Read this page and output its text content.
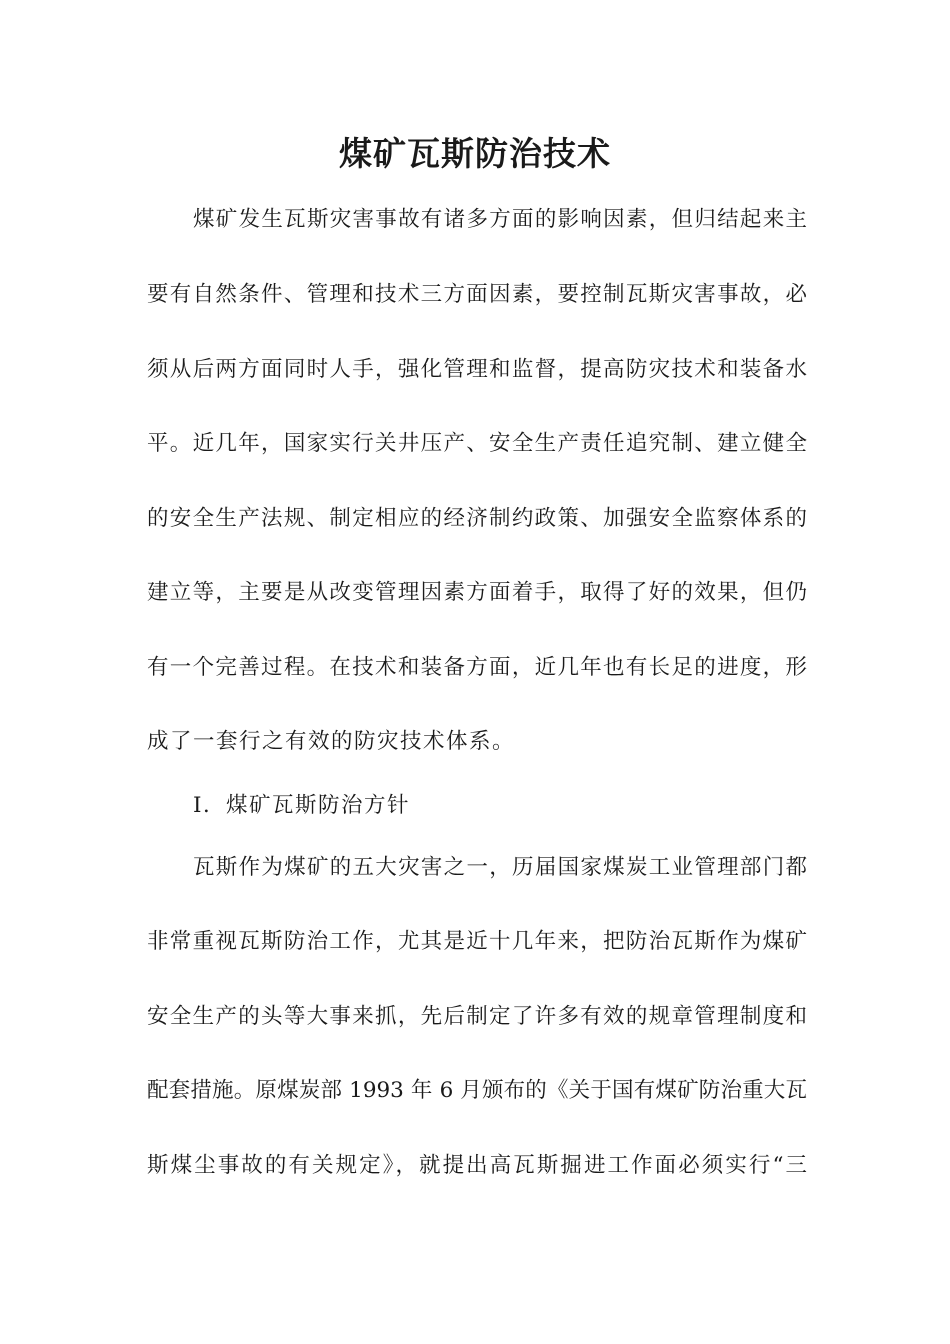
煤矿瓦斯防治技术
煤矿发生瓦斯灾害事故有诸多方面的影响因素，但归结起来主
要有自然条件、管理和技术三方面因素，要控制瓦斯灾害事故，必
须从后两方面同时人手，强化管理和监督，提高防灾技术和装备水
平。近几年，国家实行关井压产、安全生产责任追究制、建立健全
的安全生产法规、制定相应的经济制约政策、加强安全监察体系的
建立等，主要是从改变管理因素方面着手，取得了好的效果，但仍
有一个完善过程。在技术和装备方面，近几年也有长足的进度，形
成了一套行之有效的防灾技术体系。
I．煤矿瓦斯防治方针
瓦斯作为煤矿的五大灾害之一，历届国家煤炭工业管理部门都
非常重视瓦斯防治工作，尤其是近十几年来，把防治瓦斯作为煤矿
安全生产的头等大事来抓，先后制定了许多有效的规章管理制度和
配套措施。原煤炭部 1993 年 6 月颁布的《关于国有煤矿防治重大瓦
斯煤尘事故的有关规定》，就提出高瓦斯掘进工作面必须实行“三
